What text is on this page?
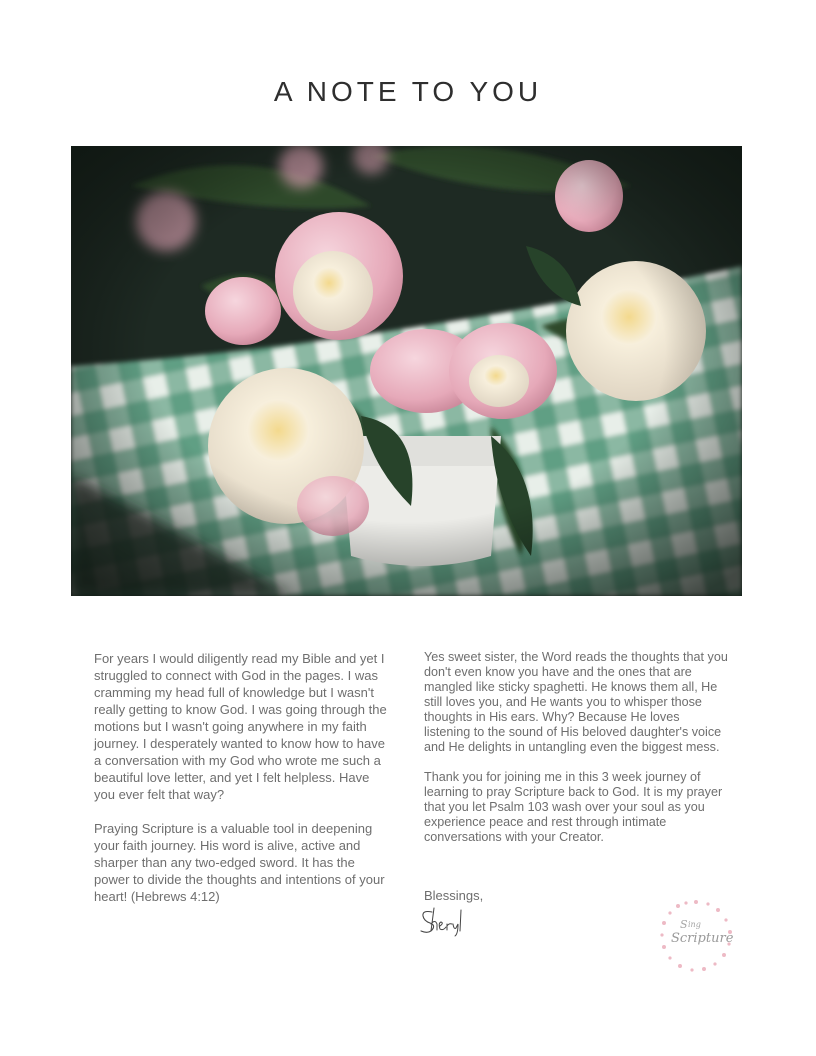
A NOTE TO YOU

For years I would diligently read my Bible and yet I struggled to connect with God in the pages. I was cramming my head full of knowledge but I wasn't really getting to know God. I was going through the motions but I wasn't going anywhere in my faith journey. I desperately wanted to know how to have a conversation with my God who wrote me such a beautiful love letter, and yet I felt helpless. Have you ever felt that way?

Praying Scripture is a valuable tool in deepening your faith journey. His word is alive, active and sharper than any two-edged sword. It has the power to divide the thoughts and intentions of your heart! (Hebrews 4:12)

Yes sweet sister, the Word reads the thoughts that you don't even know you have and the ones that are mangled like sticky spaghetti. He knows them all, He still loves you, and He wants you to whisper those thoughts in His ears. Why? Because He loves listening to the sound of His beloved daughter's voice and He delights in untangling even the biggest mess.

Thank you for joining me in this 3 week journey of learning to pray Scripture back to God. It is my prayer that you let Psalm 103 wash over your soul as you experience peace and rest through intimate conversations with your Creator.

Blessings,
S ing
Scripture
